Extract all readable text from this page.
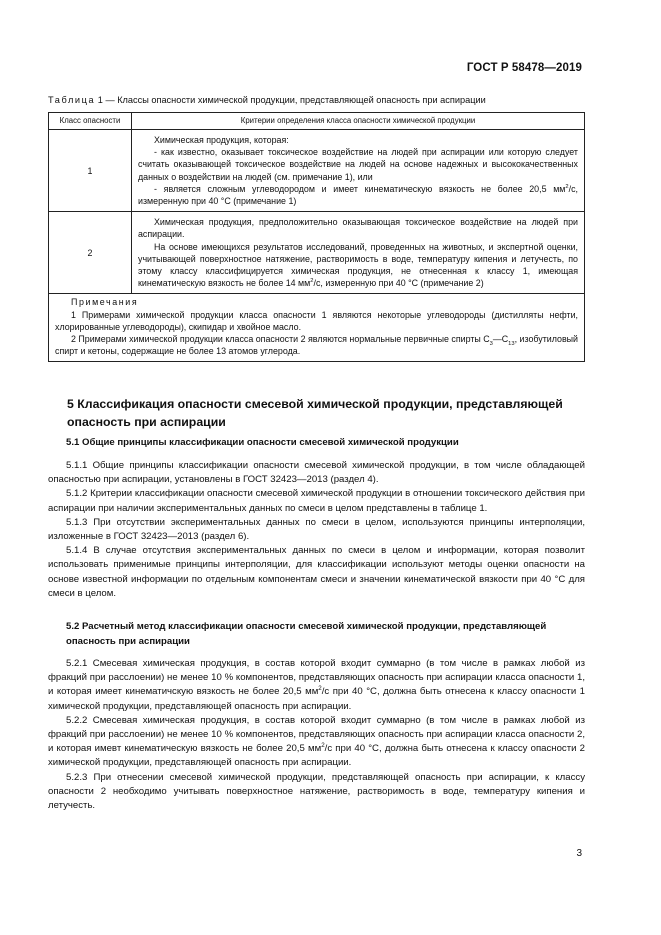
ГОСТ Р 58478—2019
Таблица 1 — Классы опасности химической продукции, представляющей опасность при аспирации
Класс опасности	Критерии определения класса опасности химической продукции
1	Химическая продукция, которая:
- как известно, оказывает токсическое воздействие на людей при аспирации или которую следует считать оказывающей токсическое воздействие на людей на основе надежных и высококачественных данных о воздействии на людей (см. примечание 1), или
- является сложным углеводородом и имеет кинематическую вязкость не более 20,5 $мм^2/с$, измеренную при 40 °С (примечание 1)

2	Химическая продукция, предположительно оказывающая токсическое воздействие на людей при аспирации.
На основе имеющихся результатов исследований, проведенных на животных, и экспертной оценки, учитывающей поверхностное натяжение, растворимость в воде, температуру кипения и летучесть, по этому классу классифицируется химическая продукция, не отнесенная к классу 1, имеющая кинематическую вязкость не более 14 $мм^2/с$, измеренную при 40 °С (примечание 2)

Примечания
1 Примерами химической продукции класса опасности 1 являются некоторые углеводороды (дистилляты нефти, хлорированные углеводороды), скипидар и хвойное масло.
2 Примерами химической продукции класса опасности 2 являются нормальные первичные спирты $С_3—С_{13}$, изобутиловый спирт и кетоны, содержащие не более 13 атомов углерода.	
5 Классификация опасности смесевой химической продукции, представляющей опасность при аспирации
5.1 Общие принципы классификации опасности смесевой химической продукции

5.1.1 Общие принципы классификации опасности смесевой химической продукции, в том числе обладающей опасностью при аспирации, установлены в ГОСТ 32423—2013 (раздел 4).

5.1.2 Критерии классификации опасности смесевой химической продукции в отношении токсического действия при аспирации при наличии экспериментальных данных по смеси в целом представлены в таблице 1.

5.1.3 При отсутствии экспериментальных данных по смеси в целом, используются принципы интерполяции, изложенные в ГОСТ 32423—2013 (раздел 6).

5.1.4 В случае отсутствия экспериментальных данных по смеси в целом и информации, которая позволит использовать применимые принципы интерполяции, для классификации используют методы оценки опасности на основе известной информации по отдельным компонентам смеси и значении кинематической вязкости при 40 °С для смеси в целом.

5.2 Расчетный метод классификации опасности смесевой химической продукции, представляющей опасность при аспирации

5.2.1 Смесевая химическая продукция, в состав которой входит суммарно (в том числе в рамках любой из фракций при расслоении) не менее 10 % компонентов, представляющих опасность при аспирации класса опасности 1, и которая имеет кинематичскую вязкость не более 20,5 $мм^2/с$ при 40 °С, должна быть отнесена к классу опасности 1 химической продукции, представляющей опасность при аспирации.

5.2.2 Смесевая химическая продукция, в состав которой входит суммарно (в том числе в рамках любой из фракций при расслоении) не менее 10 % компонентов, представляющих опасность при аспирации класса опасности 2, и которая имевт кинематическую вязкость не более 20,5 $мм^2/с$ при 40 °С, должна быть отнесена к классу опасности 2 химической продукции, представляющей опасность при аспирации.

5.2.3 При отнесении смесевой химической продукции, представляющей опасность при аспирации, к классу опасности 2 необходимо учитывать поверхностное натяжение, растворимость в воде, температуру кипения и летучесть.

3
